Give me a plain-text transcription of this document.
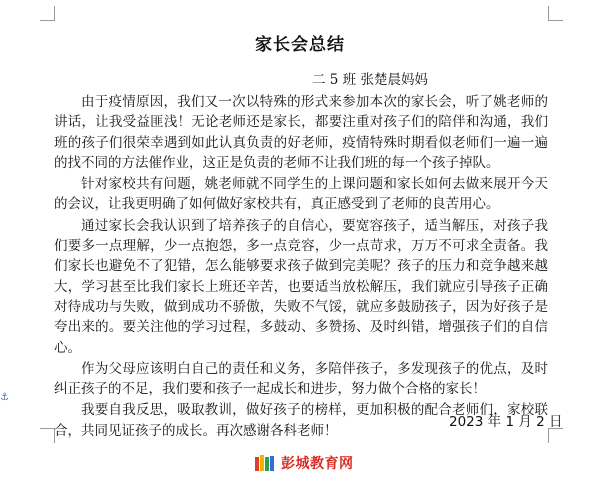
⚓
家长会总结
二 5 班 张楚晨妈妈

由于疫情原因，我们又一次以特殊的形式来参加本次的家长会，听了姚老师的讲话，让我受益匪浅！无论老师还是家长，都要注重对孩子们的陪伴和沟通，我们班的孩子们很荣幸遇到如此认真负责的好老师，疫情特殊时期看似老师们一遍一遍的找不同的方法催作业，这正是负责的老师不让我们班的每一个孩子掉队。

针对家校共有问题，姚老师就不同学生的上课问题和家长如何去做来展开今天的会议，让我更明确了如何做好家校共有，真正感受到了老师的良苦用心。

通过家长会我认识到了培养孩子的自信心，要宽容孩子，适当解压，对孩子我们要多一点理解，少一点抱怨，多一点竞容，少一点苛求，万万不可求全责备。我们家长也避免不了犯错，怎么能够要求孩子做到完美呢？孩子的压力和竞争越来越大，学习甚至比我们家长上班还辛苦，也要适当放松解压，我们就应引导孩子正确对待成功与失败，做到成功不骄傲，失败不气馁，就应多鼓励孩子，因为好孩子是夸出来的。要关注他的学习过程，多鼓动、多赞扬、及时纠错，增强孩子们的自信心。

作为父母应该明白自己的责任和义务，多陪伴孩子，多发现孩子的优点，及时纠正孩子的不足，我们要和孩子一起成长和进步，努力做个合格的家长！

我要自我反思，吸取教训，做好孩子的榜样，更加积极的配合老师们，家校联合，共同见证孩子的成长。再次感谢各科老师！

2023 年 1 月 2 日
彭城教育网
